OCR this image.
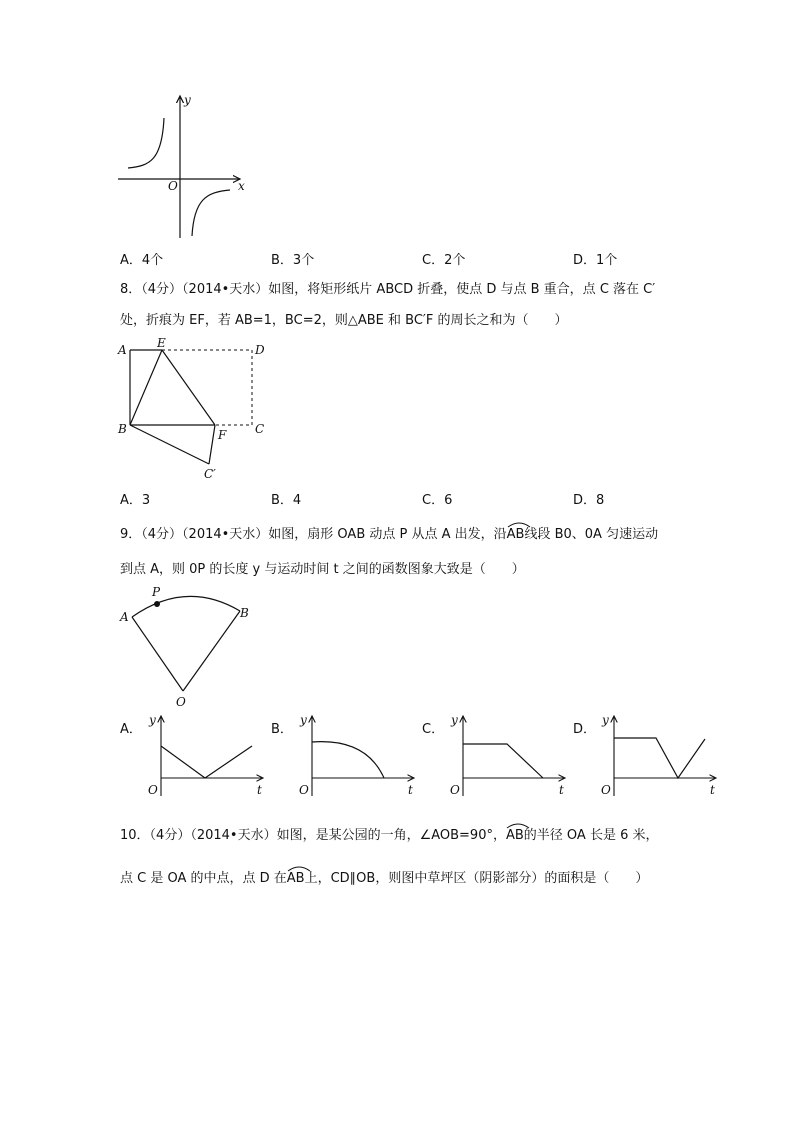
y
x
O
A．4个	B．3个	C．2个	D．1个
8．（4分）（2014•天水）如图，将矩形纸片 ABCD 折叠，使点 D 与点 B 重合，点 C 落在 C′
处，折痕为 EF，若 AB=1，BC=2，则△ABE 和 BC′F 的周长之和为（　　）
A	E	D
B	F C
C′
A．3	B．4	C．6	D．8
9．（4分）（2014•天水）如图，扇形 OAB 动点 P 从点 A 出发，沿
AB线段 B0、0A 匀速运动
到点 A，则 0P 的长度 y 与运动时间 t 之间的函数图象大致是（　　）
P
A	B
O
A．	B．	C．	D．
y
t
O
y
t
O
y
t
O
y
t
O
10．（4分）（2014•天水）如图，是某公园的一角，∠AOB=90°，
AB的半径 OA 长是 6 米，
点 C 是 OA 的中点，点 D 在
AB上，CD∥OB，则图中草坪区（阴影部分）的面积是（　　）
